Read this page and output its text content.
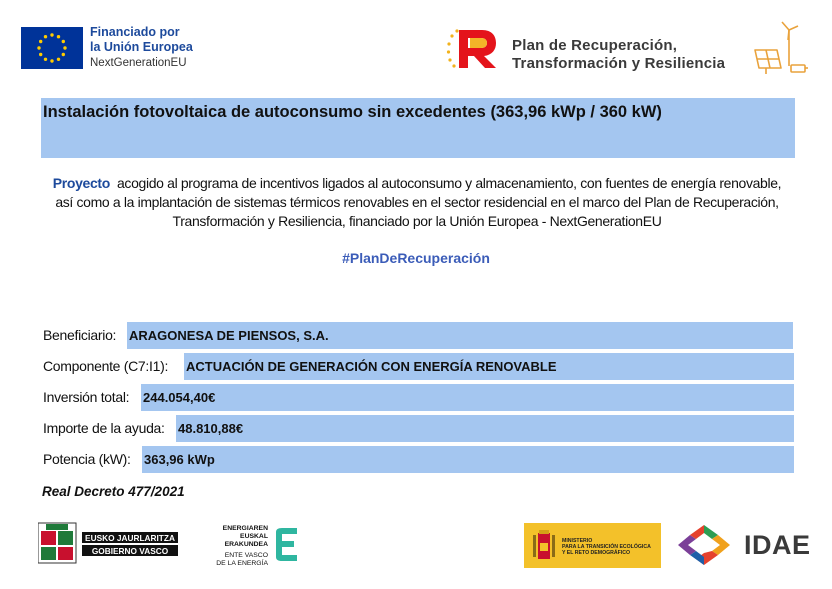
Financiado por
la Unión Europea
NextGenerationEU
Plan de Recuperación,
Transformación y Resiliencia
Instalación fotovoltaica de autoconsumo sin excedentes (363,96 kWp / 360 kW)
Proyecto acogido al programa de incentivos ligados al autoconsumo y almacenamiento, con fuentes de energía renovable, así como a la implantación de sistemas térmicos renovables en el sector residencial en el marco del Plan de Recuperación, Transformación y Resiliencia, financiado por la Unión Europea - NextGenerationEU
#PlanDeRecuperación
Beneficiario: ARAGONESA DE PIENSOS, S.A.
Componente (C7:I1): ACTUACIÓN DE GENERACIÓN CON ENERGÍA RENOVABLE
Inversión total: 244.054,40€
Importe de la ayuda: 48.810,88€
Potencia (kW): 363,96 kWp
Real Decreto 477/2021
EUSKO JAURLARITZA
GOBIERNO VASCO
ENERGIAREN
EUSKAL ERAKUNDEA
ENTE VASCO
DE LA ENERGÍA
MINISTERIO
PARA LA TRANSICIÓN ECOLÓGICA
Y EL RETO DEMOGRÁFICO	IDAE
